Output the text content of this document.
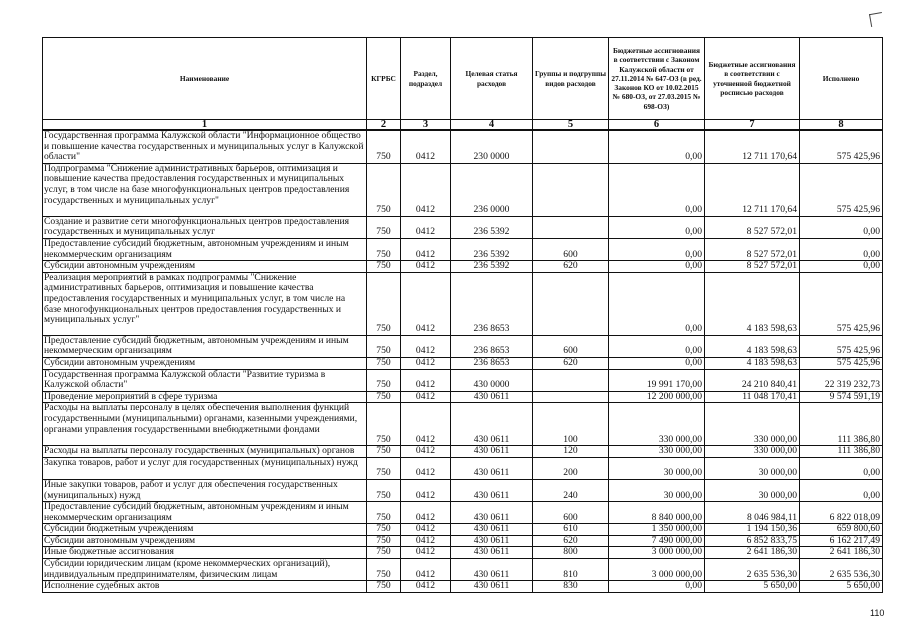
Наименование	КГРБС	Раздел, подраздел	Целевая статья расходов	Группы и подгруппы видов расходов	Бюджетные ассигнования в соответствии с Законом Калужской области от 27.11.2014 № 647-ОЗ (в ред. Законов КО от 10.02.2015 № 680-ОЗ, от 27.03.2015 № 698-ОЗ)	Бюджетные ассигнования в соответствии с уточненной бюджетной росписью расходов	Исполнено
1	2	3	4	5	6	7	8
Государственная программа Калужской области "Информационное общество и повышение качества государственных и муниципальных услуг в Калужской области"	750	0412	230 0000		0,00	12 711 170,64	575 425,96
Подпрограмма "Снижение административных барьеров, оптимизация и повышение качества предоставления государственных и муниципальных услуг, в том числе на базе многофункциональных центров предоставления государственных и муниципальных услуг"	750	0412	236 0000		0,00	12 711 170,64	575 425,96
Создание и развитие сети многофункциональных центров предоставления государственных и муниципальных услуг	750	0412	236 5392		0,00	8 527 572,01	0,00
Предоставление субсидий бюджетным, автономным учреждениям и иным некоммерческим организациям	750	0412	236 5392	600	0,00	8 527 572,01	0,00
Субсидии автономным учреждениям	750	0412	236 5392	620	0,00	8 527 572,01	0,00
Реализация мероприятий в рамках подпрограммы "Снижение административных барьеров, оптимизация и повышение качества предоставления государственных и муниципальных услуг, в том числе на базе многофункциональных центров предоставления государственных и муниципальных услуг"	750	0412	236 8653		0,00	4 183 598,63	575 425,96
Предоставление субсидий бюджетным, автономным учреждениям и иным некоммерческим организациям	750	0412	236 8653	600	0,00	4 183 598,63	575 425,96
Субсидии автономным учреждениям	750	0412	236 8653	620	0,00	4 183 598,63	575 425,96
Государственная программа Калужской области "Развитие туризма в Калужской области"	750	0412	430 0000		19 991 170,00	24 210 840,41	22 319 232,73
Проведение мероприятий в сфере туризма	750	0412	430 0611		12 200 000,00	11 048 170,41	9 574 591,19
Расходы на выплаты персоналу в целях обеспечения выполнения функций государственными (муниципальными) органами, казенными учреждениями, органами управления государственными внебюджетными фондами	750	0412	430 0611	100	330 000,00	330 000,00	111 386,80
Расходы на выплаты персоналу государственных (муниципальных) органов	750	0412	430 0611	120	330 000,00	330 000,00	111 386,80
Закупка товаров, работ и услуг для государственных (муниципальных) нужд	750	0412	430 0611	200	30 000,00	30 000,00	0,00
Иные закупки товаров, работ и услуг для обеспечения государственных (муниципальных) нужд	750	0412	430 0611	240	30 000,00	30 000,00	0,00
Предоставление субсидий бюджетным, автономным учреждениям и иным некоммерческим организациям	750	0412	430 0611	600	8 840 000,00	8 046 984,11	6 822 018,09
Субсидии бюджетным учреждениям	750	0412	430 0611	610	1 350 000,00	1 194 150,36	659 800,60
Субсидии автономным учреждениям	750	0412	430 0611	620	7 490 000,00	6 852 833,75	6 162 217,49
Иные бюджетные ассигнования	750	0412	430 0611	800	3 000 000,00	2 641 186,30	2 641 186,30
Субсидии юридическим лицам (кроме некоммерческих организаций), индивидуальным предпринимателям, физическим лицам	750	0412	430 0611	810	3 000 000,00	2 635 536,30	2 635 536,30
Исполнение судебных актов	750	0412	430 0611	830	0,00	5 650,00	5 650,00
110
